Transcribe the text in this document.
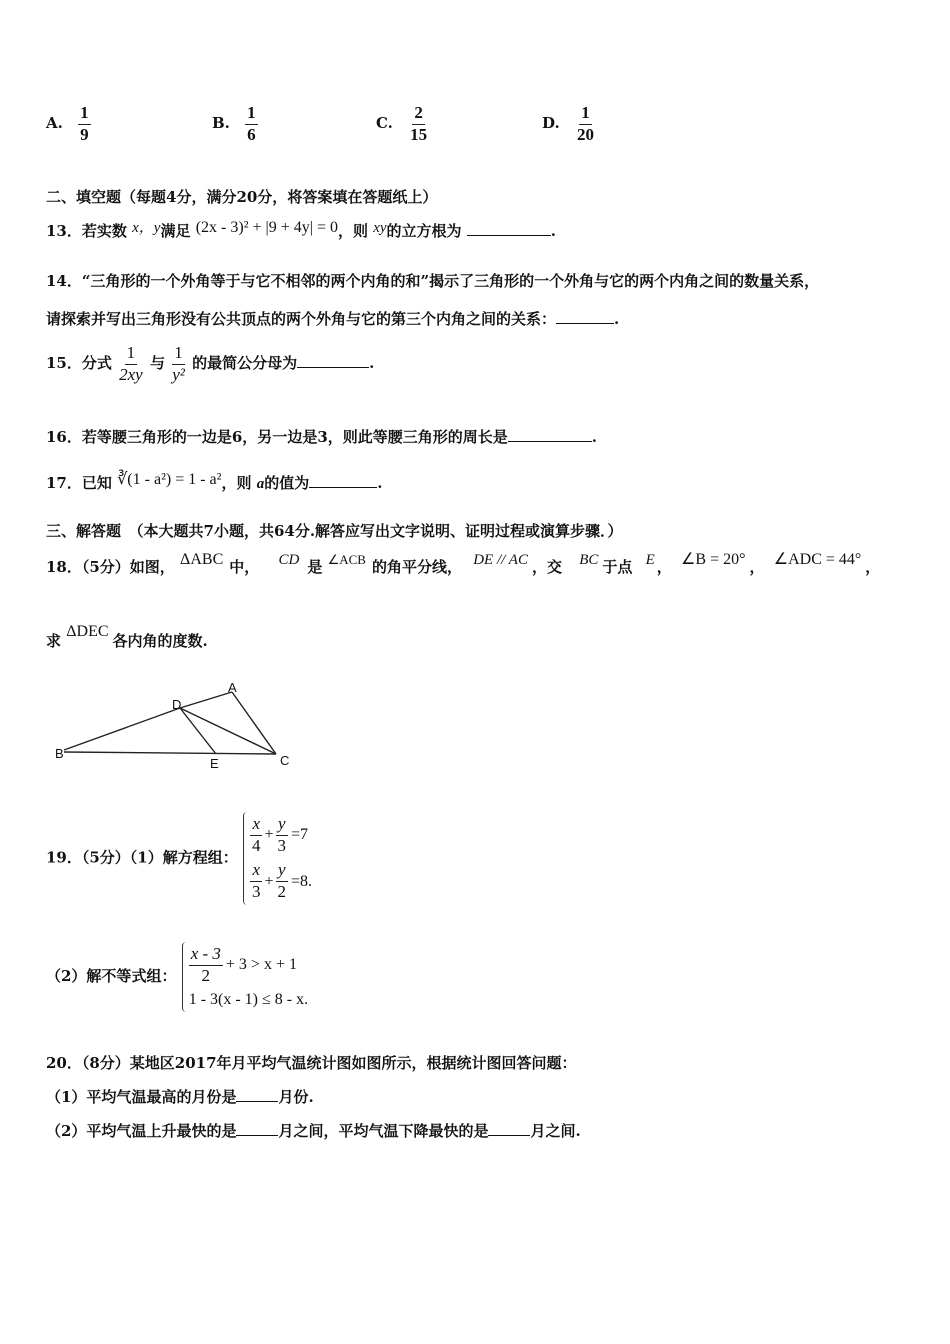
A. $\frac{1}{9}$	B. $\frac{1}{6}$	C. $\frac{2}{15}$	D. $\frac{1}{20}$
二、填空题（每题4分，满分20分，将答案填在答题纸上）
13．若实数 x，y满足 (2x - 3)² + |9 + 4y| = 0，则 xy的立方根为	.
14．“三角形的一个外角等于与它不相邻的两个内角的和”揭示了三角形的一个外角与它的两个内角之间的数量关系，
请探索并写出三角形没有公共顶点的两个外角与它的第三个内角之间的关系：	.
15．分式 $\frac{1}{2xy}$ 与 $\frac{1}{\text{y²}}$ 的最简公分母为	.
16．若等腰三角形的一边是6，另一边是3，则此等腰三角形的周长是	.
17．已知 ∛(1 - a²) = 1 - a²，则 a的值为	.
三、解答题　（本大题共7小题，共64分.解答应写出文字说明、证明过程或演算步骤．）
18．（5分）如图， ΔABC 中， CD 是 ∠ACB 的角平分线， DE // AC ，交 BC 于点 E ， ∠B = 20° ， ∠ADC = 44° ，
求 ΔDEC各内角的度数.
A
B	C
D
E
19．（5分）（1）解方程组：
$\frac{x}{4} + \frac{y}{3} =7$
$\frac{x}{3} + \frac{y}{2} =8$ .
（2）解不等式组： $\frac{x - 3}{2} + 3 > x + 1$
1 - 3(x - 1) ≤ 8 - x .
20．（8分）某地区2017年月平均气温统计图如图所示，根据统计图回答问题：
（1）平均气温最高的月份是	月份.
（2）平均气温上升最快的是	月之间，平均气温下降最快的是	月之间.
